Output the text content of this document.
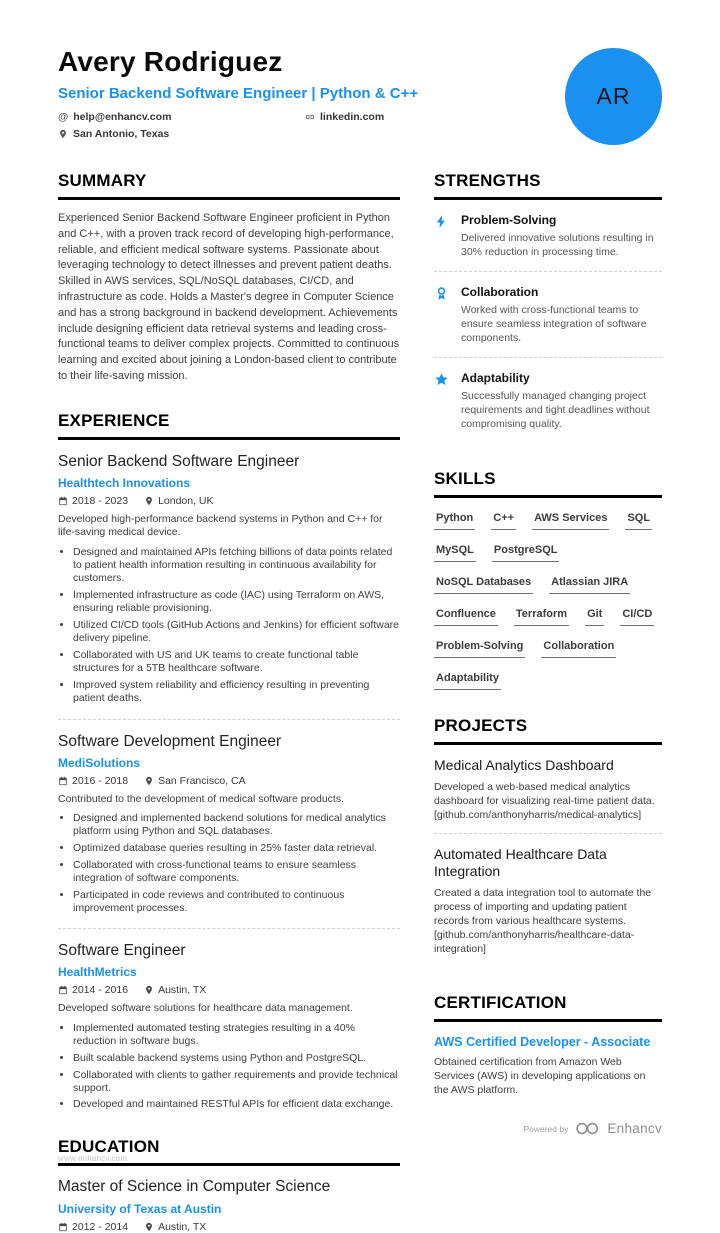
Avery Rodriguez
Senior Backend Software Engineer | Python & C++
@ help@enhancv.com	linkedin.com
San Antonio, Texas
AR
SUMMARY
Experienced Senior Backend Software Engineer proficient in Python and C++, with a proven track record of developing high-performance, reliable, and efficient medical software systems. Passionate about leveraging technology to detect illnesses and prevent patient deaths. Skilled in AWS services, SQL/NoSQL databases, CI/CD, and infrastructure as code. Holds a Master's degree in Computer Science and has a strong background in backend development. Achievements include designing efficient data retrieval systems and leading cross-functional teams to deliver complex projects. Committed to continuous learning and excited about joining a London-based client to contribute to their life-saving mission.
EXPERIENCE
Senior Backend Software Engineer
Healthtech Innovations
2018 - 2023	London, UK
Developed high-performance backend systems in Python and C++ for life-saving medical device.
• Designed and maintained APIs fetching billions of data points related to patient health information resulting in continuous availability for customers.
• Implemented infrastructure as code (IAC) using Terraform on AWS, ensuring reliable provisioning.
• Utilized CI/CD tools (GitHub Actions and Jenkins) for efficient software delivery pipeline.
• Collaborated with US and UK teams to create functional table structures for a 5TB healthcare software.
• Improved system reliability and efficiency resulting in preventing patient deaths.
Software Development Engineer
MediSolutions
2016 - 2018	San Francisco, CA
Contributed to the development of medical software products.
• Designed and implemented backend solutions for medical analytics platform using Python and SQL databases.
• Optimized database queries resulting in 25% faster data retrieval.
• Collaborated with cross-functional teams to ensure seamless integration of software components.
• Participated in code reviews and contributed to continuous improvement processes.
Software Engineer
HealthMetrics
2014 - 2016	Austin, TX
Developed software solutions for healthcare data management.
• Implemented automated testing strategies resulting in a 40% reduction in software bugs.
• Built scalable backend systems using Python and PostgreSQL.
• Collaborated with clients to gather requirements and provide technical support.
• Developed and maintained RESTful APIs for efficient data exchange.
EDUCATION
www.enhancv.com
Master of Science in Computer Science
University of Texas at Austin
2012 - 2014	Austin, TX
STRENGTHS
Problem-Solving
Delivered innovative solutions resulting in 30% reduction in processing time.
Collaboration
Worked with cross-functional teams to ensure seamless integration of software components.
Adaptability
Successfully managed changing project requirements and tight deadlines without compromising quality.
SKILLS
Python C++ AWS Services SQL
MySQL PostgreSQL
NoSQL Databases Atlassian JIRA
Confluence Terraform Git CI/CD
Problem-Solving Collaboration
Adaptability
PROJECTS
Medical Analytics Dashboard
Developed a web-based medical analytics dashboard for visualizing real-time patient data.
[github.com/anthonyharris/medical-analytics]
Automated Healthcare Data Integration
Created a data integration tool to automate the process of importing and updating patient records from various healthcare systems.
[github.com/anthonyharris/healthcare-data-integration]
CERTIFICATION
AWS Certified Developer - Associate
Obtained certification from Amazon Web Services (AWS) in developing applications on the AWS platform.
Powered by	Enhancv
